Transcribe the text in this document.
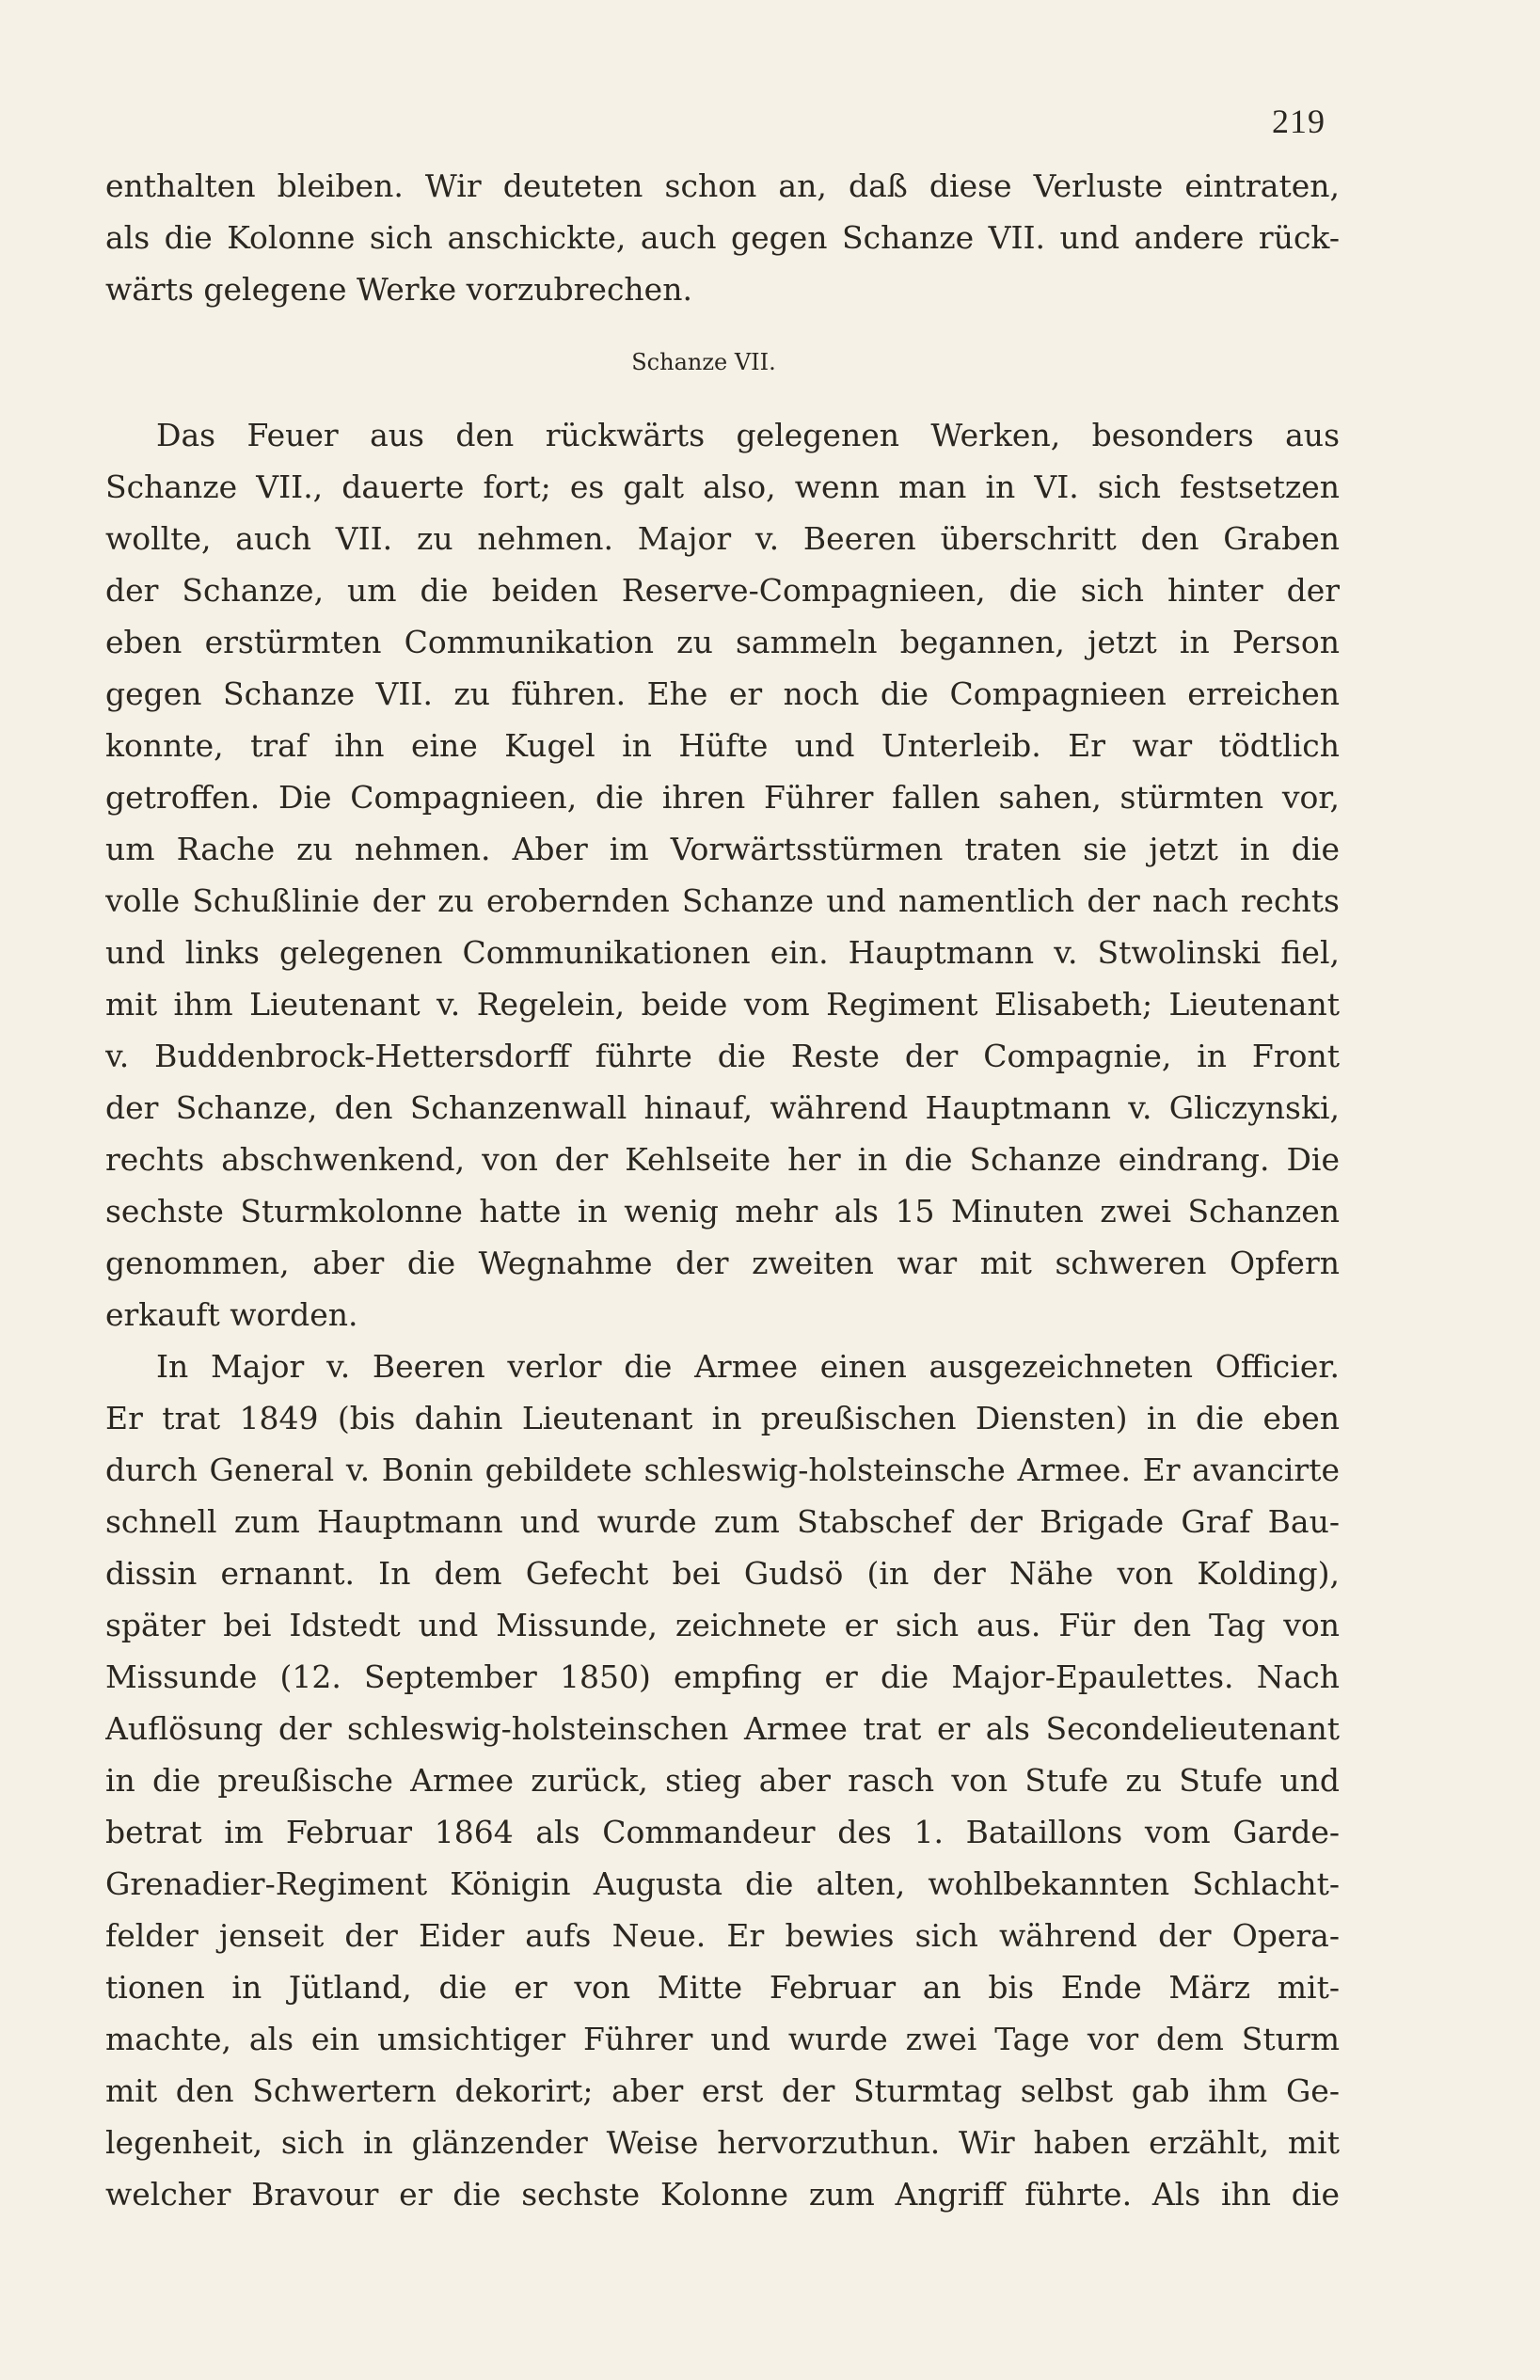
219
enthalten bleiben. Wir deuteten schon an, daß diese Verluste eintraten,
als die Kolonne sich anschickte, auch gegen Schanze VII. und andere rück-
wärts gelegene Werke vorzubrechen.
Schanze VII.
Das Feuer aus den rückwärts gelegenen Werken, besonders aus
Schanze VII., dauerte fort; es galt also, wenn man in VI. sich festsetzen
wollte, auch VII. zu nehmen. Major v. Beeren überschritt den Graben
der Schanze, um die beiden Reserve-Compagnieen, die sich hinter der
eben erstürmten Communikation zu sammeln begannen, jetzt in Person
gegen Schanze VII. zu führen. Ehe er noch die Compagnieen erreichen
konnte, traf ihn eine Kugel in Hüfte und Unterleib. Er war tödtlich
getroffen. Die Compagnieen, die ihren Führer fallen sahen, stürmten vor,
um Rache zu nehmen. Aber im Vorwärtsstürmen traten sie jetzt in die
volle Schußlinie der zu erobernden Schanze und namentlich der nach rechts
und links gelegenen Communikationen ein. Hauptmann v. Stwolinski fiel,
mit ihm Lieutenant v. Regelein, beide vom Regiment Elisabeth; Lieutenant
v. Buddenbrock-Hettersdorff führte die Reste der Compagnie, in Front
der Schanze, den Schanzenwall hinauf, während Hauptmann v. Gliczynski,
rechts abschwenkend, von der Kehlseite her in die Schanze eindrang. Die
sechste Sturmkolonne hatte in wenig mehr als 15 Minuten zwei Schanzen
genommen, aber die Wegnahme der zweiten war mit schweren Opfern
erkauft worden.
In Major v. Beeren verlor die Armee einen ausgezeichneten Officier.
Er trat 1849 (bis dahin Lieutenant in preußischen Diensten) in die eben
durch General v. Bonin gebildete schleswig-holsteinsche Armee. Er avancirte
schnell zum Hauptmann und wurde zum Stabschef der Brigade Graf Bau-
dissin ernannt. In dem Gefecht bei Gudsö (in der Nähe von Kolding),
später bei Idstedt und Missunde, zeichnete er sich aus. Für den Tag von
Missunde (12. September 1850) empfing er die Major-Epaulettes. Nach
Auflösung der schleswig-holsteinschen Armee trat er als Secondelieutenant
in die preußische Armee zurück, stieg aber rasch von Stufe zu Stufe und
betrat im Februar 1864 als Commandeur des 1. Bataillons vom Garde-
Grenadier-Regiment Königin Augusta die alten, wohlbekannten Schlacht-
felder jenseit der Eider aufs Neue. Er bewies sich während der Opera-
tionen in Jütland, die er von Mitte Februar an bis Ende März mit-
machte, als ein umsichtiger Führer und wurde zwei Tage vor dem Sturm
mit den Schwertern dekorirt; aber erst der Sturmtag selbst gab ihm Ge-
legenheit, sich in glänzender Weise hervorzuthun. Wir haben erzählt, mit
welcher Bravour er die sechste Kolonne zum Angriff führte. Als ihn die
